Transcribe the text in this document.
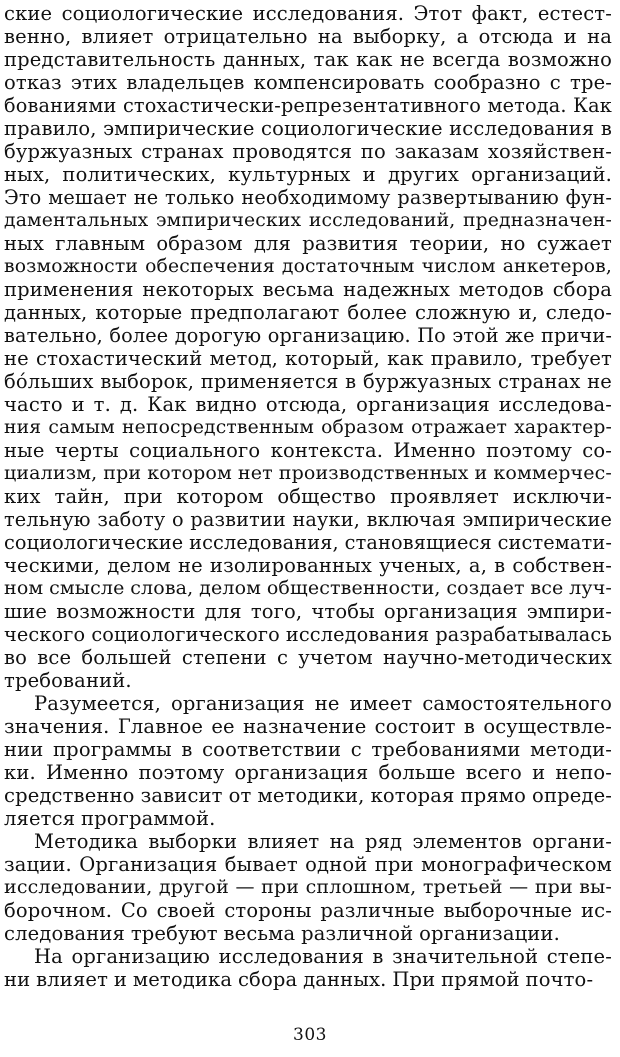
ские социологические исследования. Этот факт, естест-
венно, влияет отрицательно на выборку, а отсюда и на
представительность данных, так как не всегда возможно
отказ этих владельцев компенсировать сообразно с тре-
бованиями стохастически-репрезентативного метода. Как
правило, эмпирические социологические исследования в
буржуазных странах проводятся по заказам хозяйствен-
ных, политических, культурных и других организаций.
Это мешает не только необходимому развертыванию фун-
даментальных эмпирических исследований, предназначен-
ных главным образом для развития теории, но сужает
возможности обеспечения достаточным числом анкетеров,
применения некоторых весьма надежных методов сбора
данных, которые предполагают более сложную и, следо-
вательно, более дорогую организацию. По этой же причи-
не стохастический метод, который, как правило, требует
бо́льших выборок, применяется в буржуазных странах не
часто и т. д. Как видно отсюда, организация исследова-
ния самым непосредственным образом отражает характер-
ные черты социального контекста. Именно поэтому со-
циализм, при котором нет производственных и коммерчес-
ких тайн, при котором общество проявляет исключи-
тельную заботу о развитии науки, включая эмпирические
социологические исследования, становящиеся системати-
ческими, делом не изолированных ученых, а, в собствен-
ном смысле слова, делом общественности, создает все луч-
шие возможности для того, чтобы организация эмпири-
ческого социологического исследования разрабатывалась
во все большей степени с учетом научно-методических
требований.
Разумеется, организация не имеет самостоятельного
значения. Главное ее назначение состоит в осуществле-
нии программы в соответствии с требованиями методи-
ки. Именно поэтому организация больше всего и непо-
средственно зависит от методики, которая прямо опреде-
ляется программой.
Методика выборки влияет на ряд элементов органи-
зации. Организация бывает одной при монографическом
исследовании, другой — при сплошном, третьей — при вы-
борочном. Со своей стороны различные выборочные ис-
следования требуют весьма различной организации.
На организацию исследования в значительной степе-
ни влияет и методика сбора данных. При прямой почто-
303
